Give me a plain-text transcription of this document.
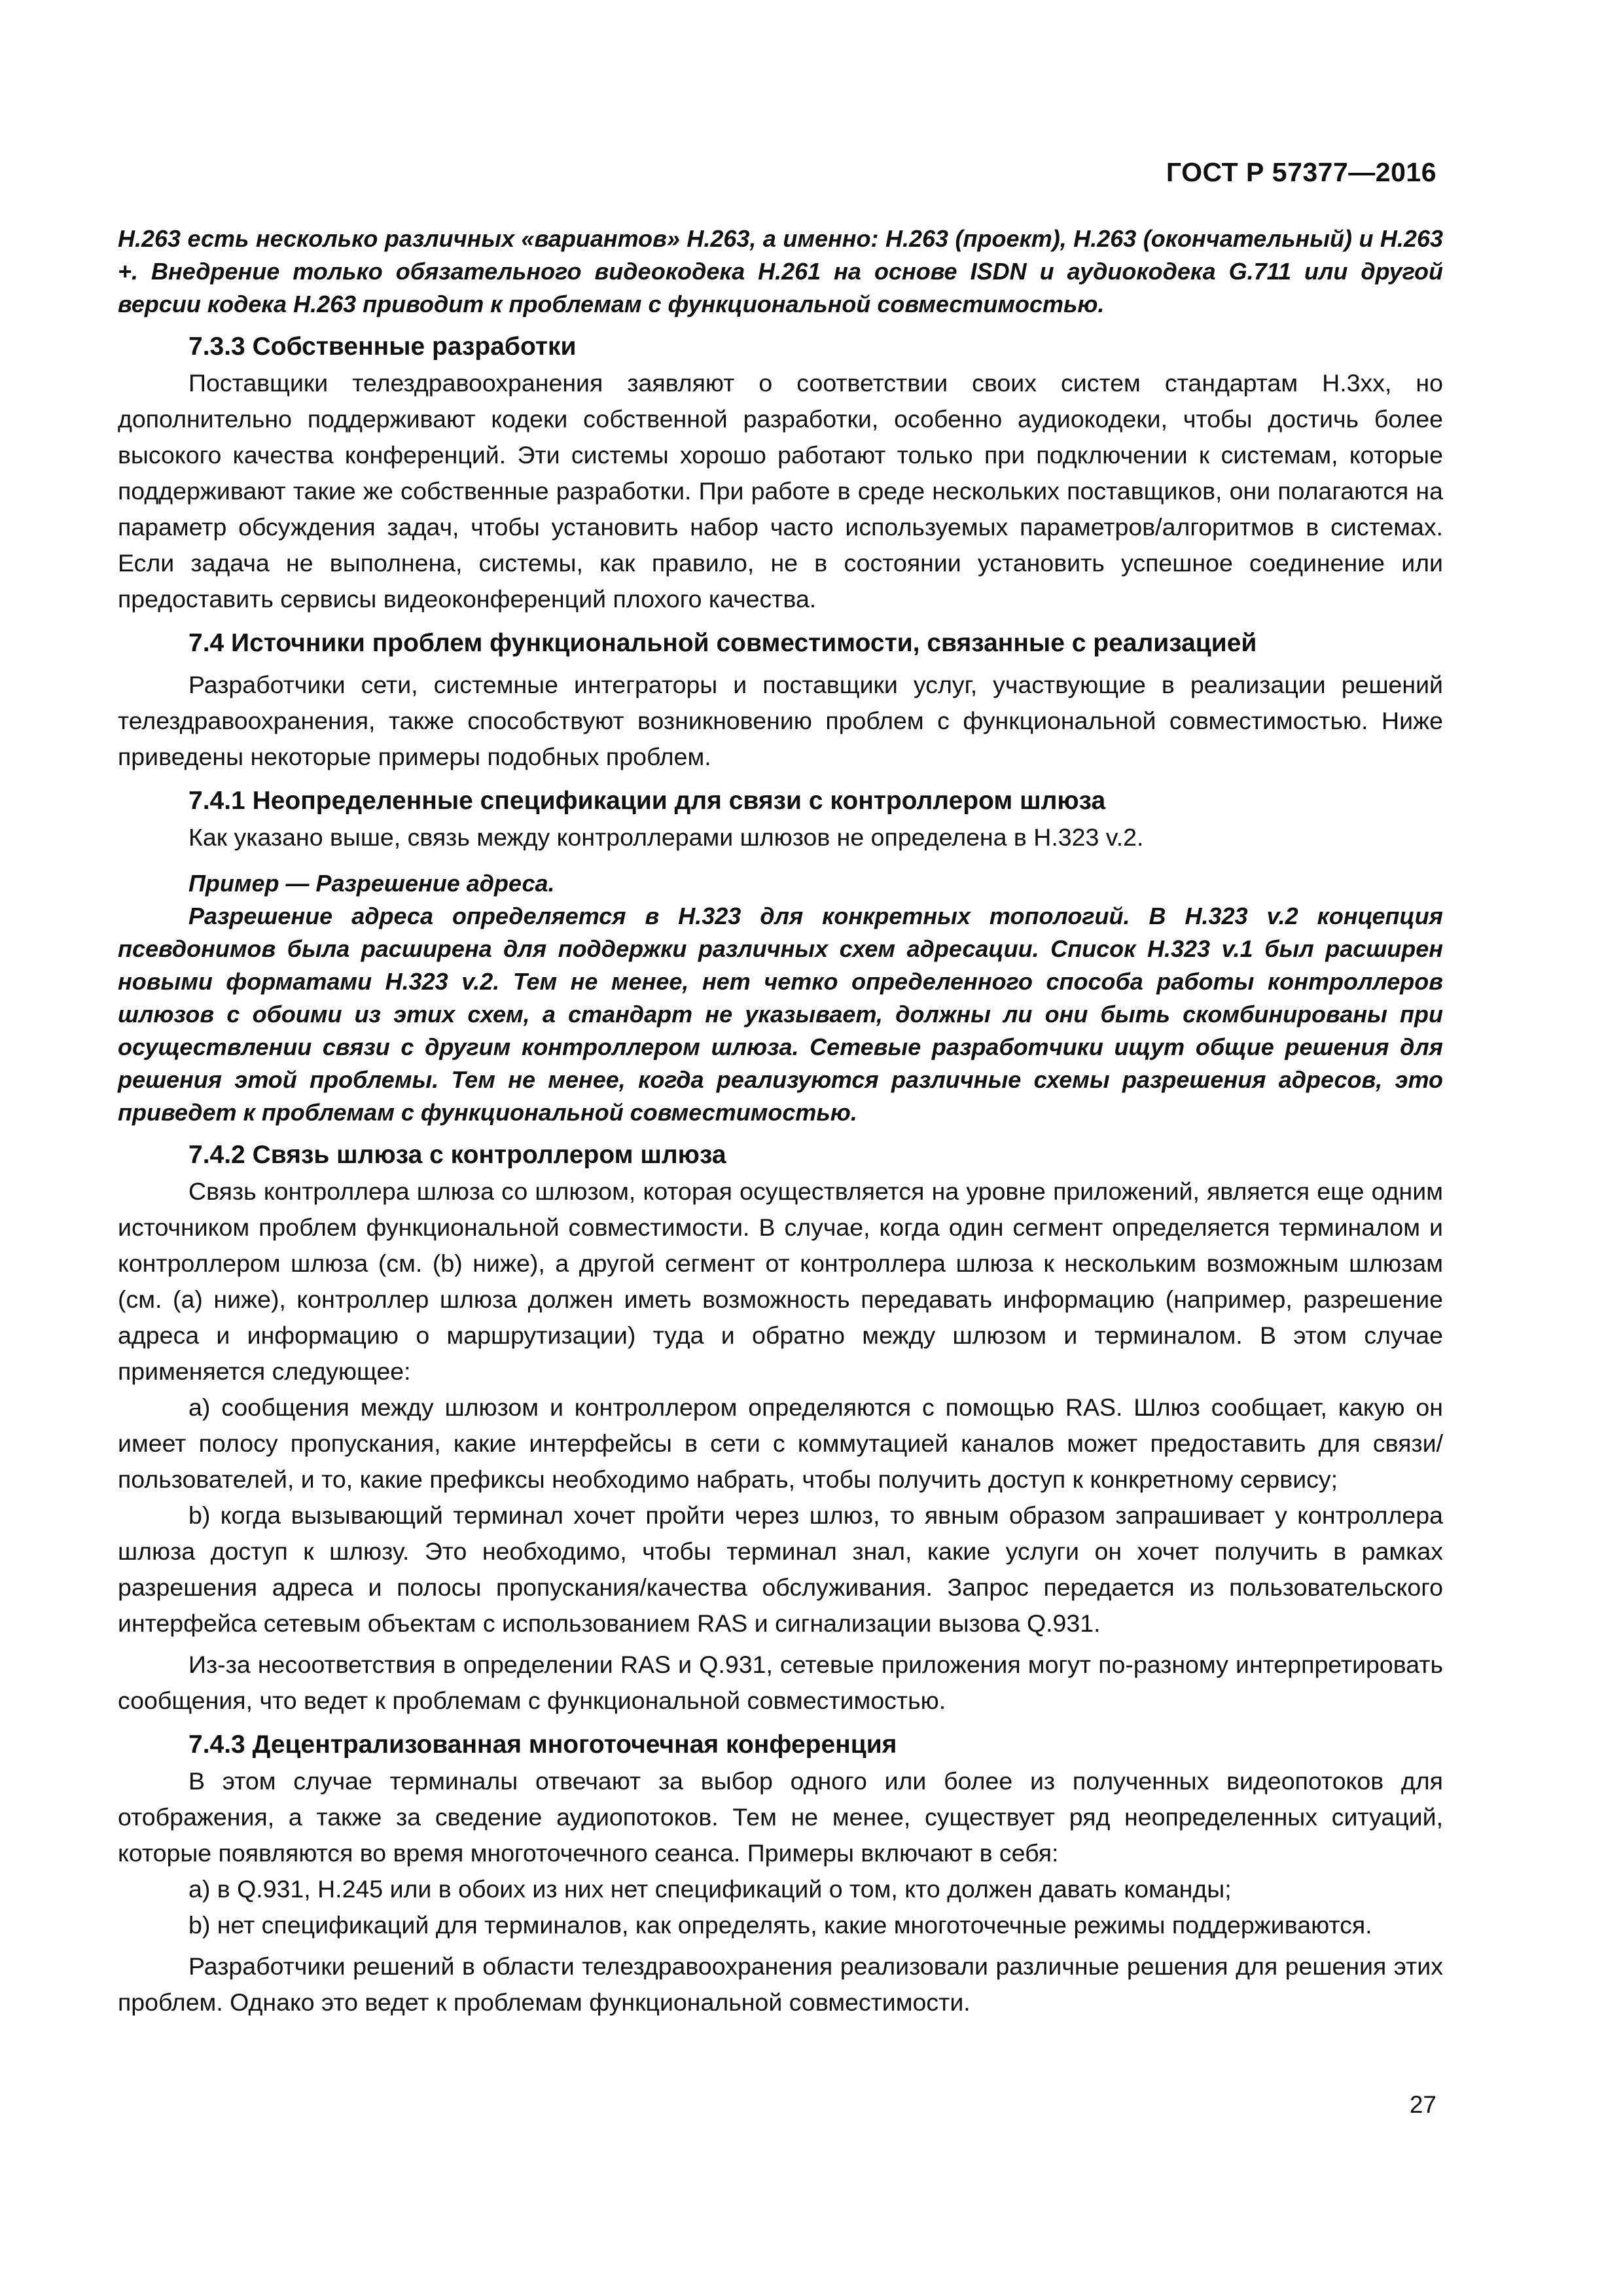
ГОСТ Р 57377—2016

H.263 есть несколько различных «вариантов» H.263, а именно: H.263 (проект), H.263 (окончательный) и H.263 +. Внедрение только обязательного видеокодека H.261 на основе ISDN и аудиокодека G.711 или другой версии кодека H.263 приводит к проблемам с функциональной совместимостью.

7.3.3 Собственные разработки

Поставщики телездравоохранения заявляют о соответствии своих систем стандартам H.3xx, но дополнительно поддерживают кодеки собственной разработки, особенно аудиокодеки, чтобы достичь более высокого качества конференций. Эти системы хорошо работают только при подключении к системам, которые поддерживают такие же собственные разработки. При работе в среде нескольких поставщиков, они полагаются на параметр обсуждения задач, чтобы установить набор часто используемых параметров/алгоритмов в системах. Если задача не выполнена, системы, как правило, не в состоянии установить успешное соединение или предоставить сервисы видеоконференций плохого качества.

7.4 Источники проблем функциональной совместимости, связанные с реализацией

Разработчики сети, системные интеграторы и поставщики услуг, участвующие в реализации решений телездравоохранения, также способствуют возникновению проблем с функциональной совместимостью. Ниже приведены некоторые примеры подобных проблем.

7.4.1 Неопределенные спецификации для связи с контроллером шлюза

Как указано выше, связь между контроллерами шлюзов не определена в H.323 v.2.

Пример — Разрешение адреса.

Разрешение адреса определяется в H.323 для конкретных топологий. В H.323 v.2 концепция псевдонимов была расширена для поддержки различных схем адресации. Список H.323 v.1 был расширен новыми форматами H.323 v.2. Тем не менее, нет четко определенного способа работы контроллеров шлюзов с обоими из этих схем, а стандарт не указывает, должны ли они быть скомбинированы при осуществлении связи с другим контроллером шлюза. Сетевые разработчики ищут общие решения для решения этой проблемы. Тем не менее, когда реализуются различные схемы разрешения адресов, это приведет к проблемам с функциональной совместимостью.

7.4.2 Связь шлюза с контроллером шлюза

Связь контроллера шлюза со шлюзом, которая осуществляется на уровне приложений, является еще одним источником проблем функциональной совместимости. В случае, когда один сегмент определяется терминалом и контроллером шлюза (см. (b) ниже), а другой сегмент от контроллера шлюза к нескольким возможным шлюзам (см. (a) ниже), контроллер шлюза должен иметь возможность передавать информацию (например, разрешение адреса и информацию о маршрутизации) туда и обратно между шлюзом и терминалом. В этом случае применяется следующее:

a) сообщения между шлюзом и контроллером определяются с помощью RAS. Шлюз сообщает, какую он имеет полосу пропускания, какие интерфейсы в сети с коммутацией каналов может предоставить для связи/пользователей, и то, какие префиксы необходимо набрать, чтобы получить доступ к конкретному сервису;

b) когда вызывающий терминал хочет пройти через шлюз, то явным образом запрашивает у контроллера шлюза доступ к шлюзу. Это необходимо, чтобы терминал знал, какие услуги он хочет получить в рамках разрешения адреса и полосы пропускания/качества обслуживания. Запрос передается из пользовательского интерфейса сетевым объектам с использованием RAS и сигнализации вызова Q.931.

Из-за несоответствия в определении RAS и Q.931, сетевые приложения могут по-разному интерпретировать сообщения, что ведет к проблемам с функциональной совместимостью.

7.4.3 Децентрализованная многоточечная конференция

В этом случае терминалы отвечают за выбор одного или более из полученных видеопотоков для отображения, а также за сведение аудиопотоков. Тем не менее, существует ряд неопределенных ситуаций, которые появляются во время многоточечного сеанса. Примеры включают в себя:

a) в Q.931, H.245 или в обоих из них нет спецификаций о том, кто должен давать команды;

b) нет спецификаций для терминалов, как определять, какие многоточечные режимы поддерживаются.

Разработчики решений в области телездравоохранения реализовали различные решения для решения этих проблем. Однако это ведет к проблемам функциональной совместимости.

27
